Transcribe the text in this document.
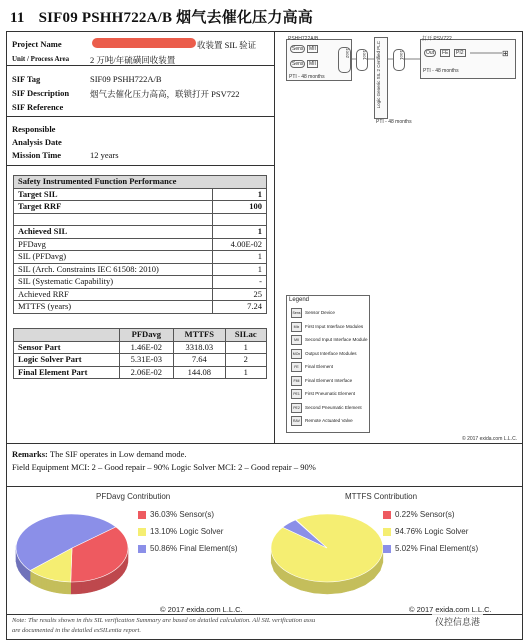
11 SIF09 PSHH722A/B 烟气去催化压力高高
Project Name	收装置 SIL 验证
Unit / Process Area 2 万吨/年硫磺回收装置
SIF Tag	SIF09 PSHH722A/B
SIF Description 烟气去催化压力高高，联锁打开 PSV722
SIF Reference
Responsible
Analysis Date
Mission Time	12 years
Safety Instrumented Function Performance	
Target SIL	1
Target RRF	100

Achieved SIL	1
PFDavg	4.00E-02
SIL (PFDavg)	1
SIL (Arch. Constraints IEC 61508: 2010)	1
SIL (Systematic Capability)	-
Achieved RRF	25
MTTFS (years)	7.24
	PFDavg	MTTFS	SILac
Sensor Part	1.46E-02	3318.03	1
Logic Solver Part	5.31E-03	7.64	2
Final Element Part	2.06E-02	144.08	1
PSHH722A/B
Sens	MII
Sens	MII
PTI - 48 months
1oo2	1oo1 Logic Generic SIL 2 Certified PLC
PTI - 48 months
1oo1
打开 PSV722
Out	FE	PI2
PTI - 48 months
⊞
Legend
Sens Sensor Device
MIx First Input Interface Modules
MII Second Input Interface Module
MOx Output Interface Modules
FE Final Element
FMI Final Element Interface
PE1 First Pneumatic Element
PE2 Second Pneumatic Element
RAV Remote Actuated Valve
© 2017 exida.com L.L.C.
Remarks: The SIF operates in Low demand mode.
Field Equipment MCI: 2 – Good repair – 90% Logic Solver MCI: 2 – Good repair – 90%
PFDavg Contribution
36.03% Sensor(s)
13.10% Logic Solver
50.86% Final Element(s)
© 2017 exida.com L.L.C.
MTTFS Contribution
0.22% Sensor(s)
94.76% Logic Solver
5.02% Final Element(s)
© 2017 exida.com L.L.C.
Note: The results shown in this SIL verification Summary are based on detailed calculation. All SIL verification assu
are documented in the detailed exSILentia report.
仪控信息港
